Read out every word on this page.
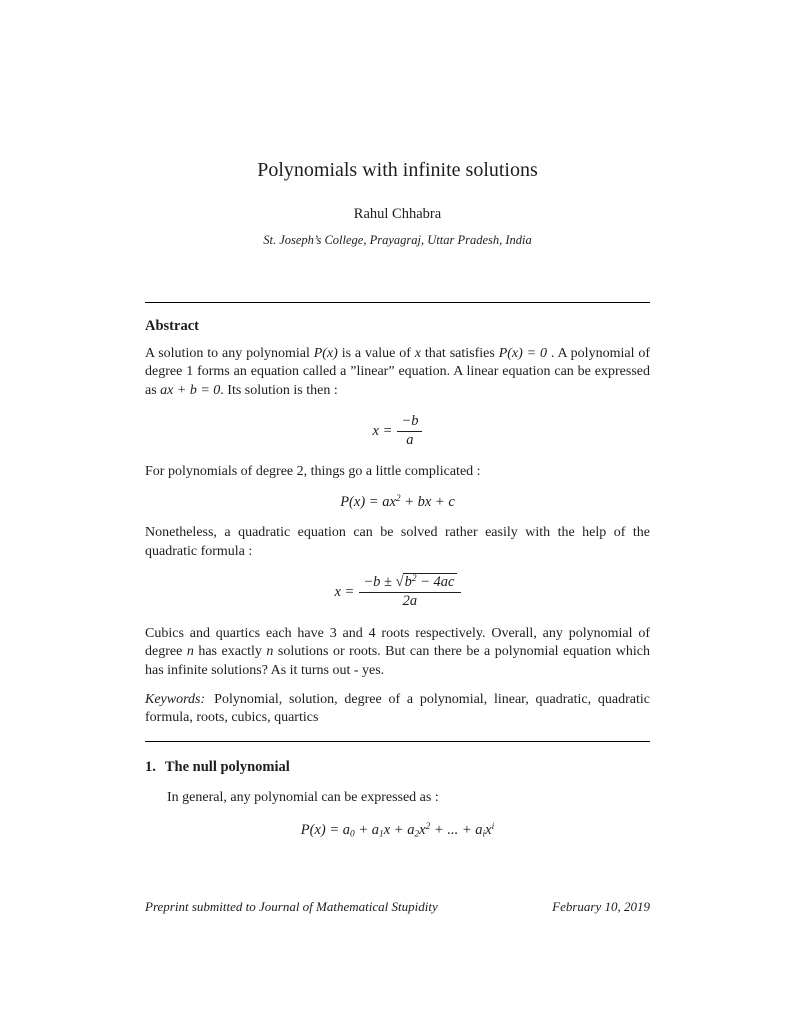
Polynomials with infinite solutions
Rahul Chhabra
St. Joseph’s College, Prayagraj, Uttar Pradesh, India
Abstract

A solution to any polynomial P(x) is a value of x that satisfies P(x) = 0 . A polynomial of degree 1 forms an equation called a ”linear” equation. A linear equation can be expressed as ax + b = 0. Its solution is then :

$x = \frac{-b}{a}$

For polynomials of degree 2, things go a little complicated :

$P(x) = ax^2$ + bx + c

Nonetheless, a quadratic equation can be solved rather easily with the help of the quadratic formula :

$x = \frac{-b \pm √b^2 - 4ac}{2a}$

Cubics and quartics each have 3 and 4 roots respectively. Overall, any polynomial of degree n has exactly n solutions or roots. But can there be a polynomial equation which has infinite solutions? As it turns out - yes.

Keywords: Polynomial, solution, degree of a polynomial, linear, quadratic, quadratic formula, roots, cubics, quartics

1. The null polynomial

In general, any polynomial can be expressed as :

$P(x) = a_0 + a_1x + a_2x^2$ + ... + $a_ix^i$
Preprint submitted to Journal of Mathematical Stupidity	February 10, 2019
